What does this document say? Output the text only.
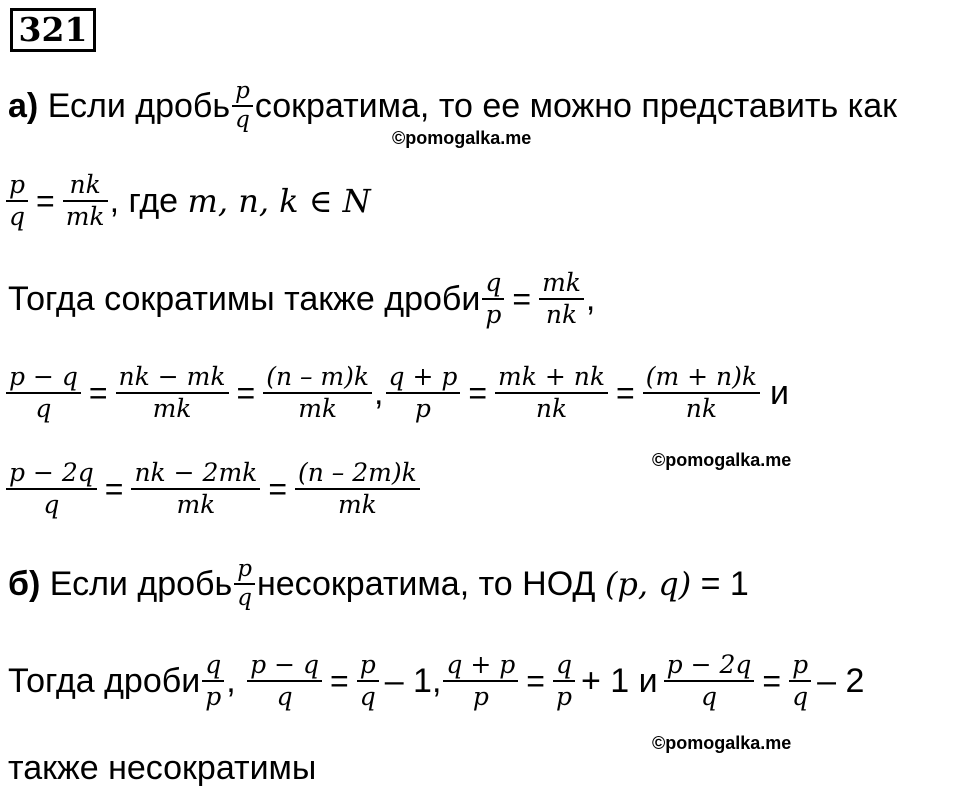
321
а)
Если дробь $\frac{p}{q}$ сократима, то ее можно представить как
©pomogalka.me
$\frac{p}{q} = \frac{nk}{mk}$ , где
m, n, k ∈ N
Тогда сократимы также дроби $\frac{q}{p} = \frac{mk}{nk}$ ,
$\frac{p - q}{q} = \frac{nk - mk}{mk} = \frac{(n - m)k}{mk}$ , $\frac{q + p}{p} = \frac{mk + nk}{nk} = \frac{(m + n)k}{nk}$ и
©pomogalka.me
$\frac{p - 2q}{q} = \frac{nk - 2mk}{mk} = \frac{(n - 2m)k}{mk}$
б)
Если дробь $\frac{p}{q}$ несократима, то НОД
(p, q)
= 1
Тогда дроби $\frac{q}{p}$ , $\frac{p - q}{q} = \frac{p}{q} - 1$, $\frac{q + p}{p} = \frac{q}{p} + 1$ и $\frac{p - 2q}{q} = \frac{p}{q} - 2$
©pomogalka.me
также несократимы
